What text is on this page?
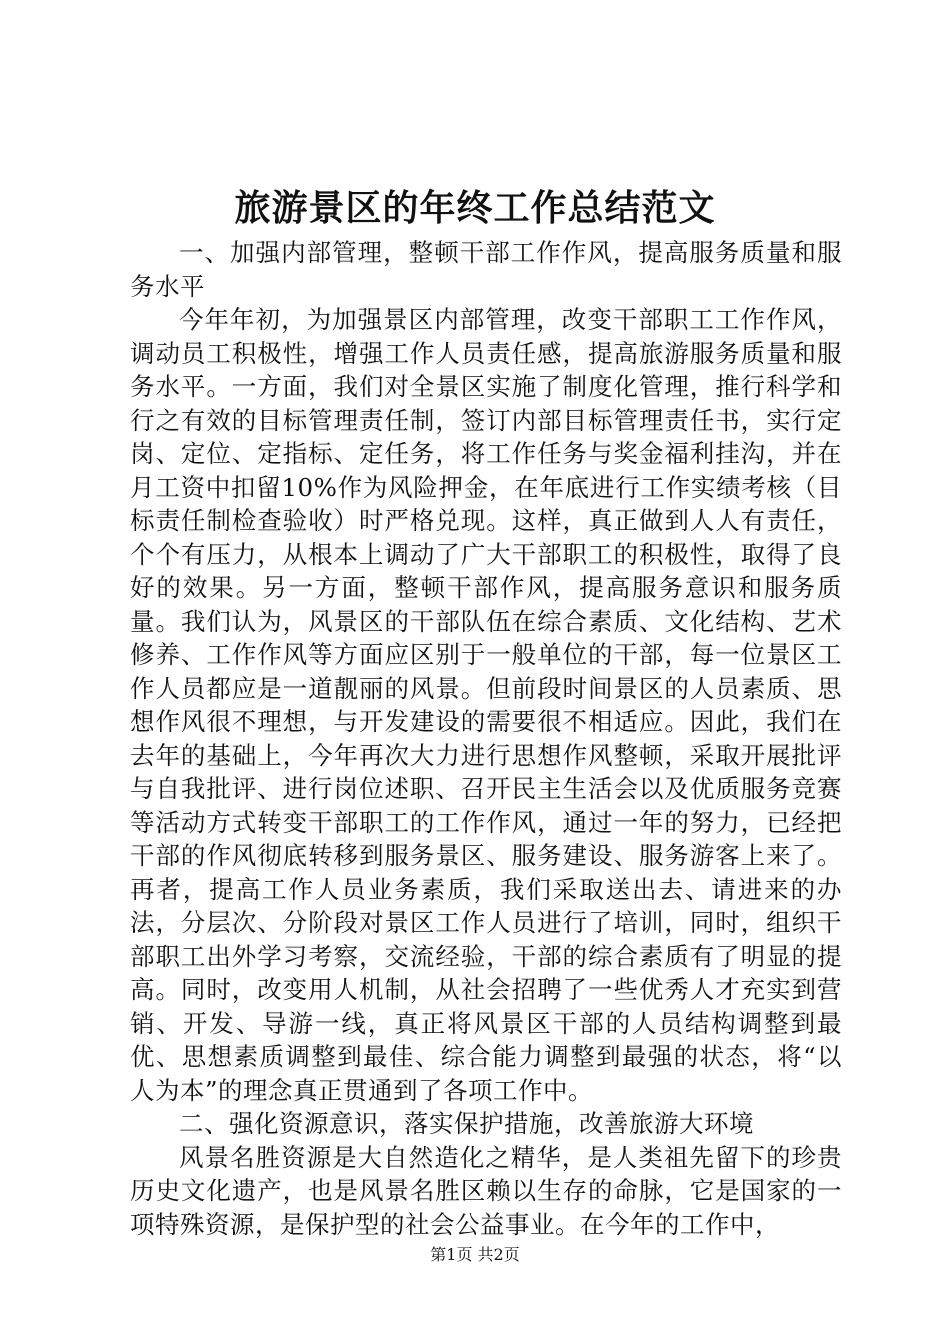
旅游景区的年终工作总结范文

一、加强内部管理，整顿干部工作作风，提高服务质量和服务水平

今年年初，为加强景区内部管理，改变干部职工工作作风，调动员工积极性，增强工作人员责任感，提高旅游服务质量和服务水平。一方面，我们对全景区实施了制度化管理，推行科学和行之有效的目标管理责任制，签订内部目标管理责任书，实行定岗、定位、定指标、定任务，将工作任务与奖金福利挂沟，并在月工资中扣留10%作为风险押金，在年底进行工作实绩考核（目标责任制检查验收）时严格兑现。这样，真正做到人人有责任，个个有压力，从根本上调动了广大干部职工的积极性，取得了良好的效果。另一方面，整顿干部作风，提高服务意识和服务质量。我们认为，风景区的干部队伍在综合素质、文化结构、艺术修养、工作作风等方面应区别于一般单位的干部，每一位景区工作人员都应是一道靓丽的风景。但前段时间景区的人员素质、思想作风很不理想，与开发建设的需要很不相适应。因此，我们在去年的基础上，今年再次大力进行思想作风整顿，采取开展批评与自我批评、进行岗位述职、召开民主生活会以及优质服务竞赛等活动方式转变干部职工的工作作风，通过一年的努力，已经把干部的作风彻底转移到服务景区、服务建设、服务游客上来了。再者，提高工作人员业务素质，我们采取送出去、请进来的办法，分层次、分阶段对景区工作人员进行了培训，同时，组织干部职工出外学习考察，交流经验，干部的综合素质有了明显的提高。同时，改变用人机制，从社会招聘了一些优秀人才充实到营销、开发、导游一线，真正将风景区干部的人员结构调整到最优、思想素质调整到最佳、综合能力调整到最强的状态，将“以人为本”的理念真正贯通到了各项工作中。

二、强化资源意识，落实保护措施，改善旅游大环境

风景名胜资源是大自然造化之精华，是人类祖先留下的珍贵历史文化遗产，也是风景名胜区赖以生存的命脉，它是国家的一项特殊资源，是保护型的社会公益事业。在今年的工作中，

第1页 共2页
